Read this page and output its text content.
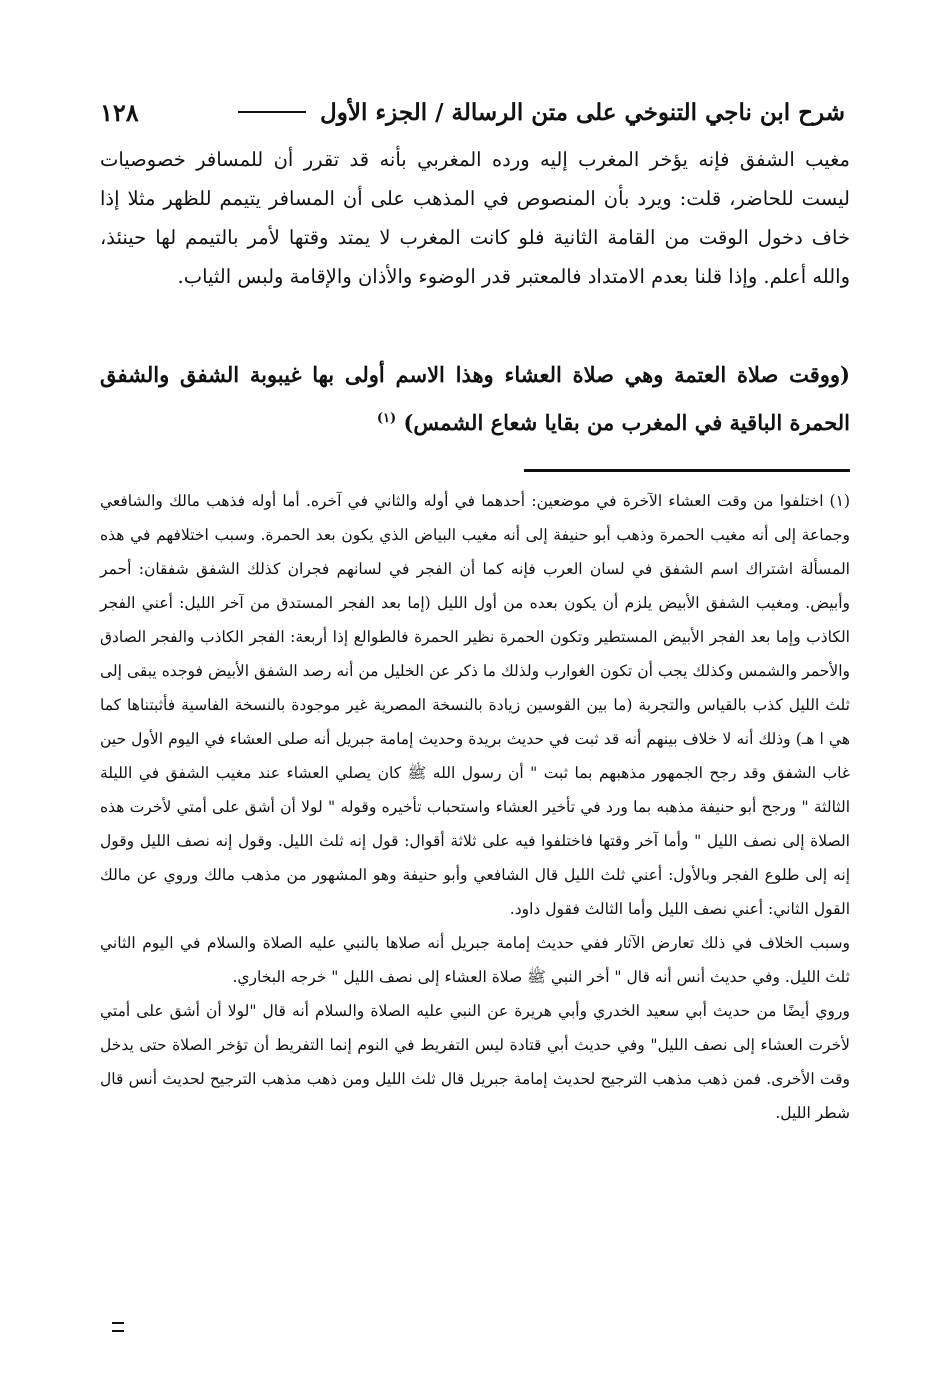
شرح ابن ناجي التنوخي على متن الرسالة / الجزء الأول
١٢٨

مغيب الشفق فإنه يؤخر المغرب إليه ورده المغربي بأنه قد تقرر أن للمسافر خصوصيات ليست للحاضر، قلت: ويرد بأن المنصوص في المذهب على أن المسافر يتيمم للظهر مثلا إذا خاف دخول الوقت من القامة الثانية فلو كانت المغرب لا يمتد وقتها لأمر بالتيمم لها حينئذ، والله أعلم. وإذا قلنا بعدم الامتداد فالمعتبر قدر الوضوء والأذان والإقامة ولبس الثياب.

(ووقت صلاة العتمة وهي صلاة العشاء وهذا الاسم أولى بها غيبوبة الشفق والشفق الحمرة الباقية في المغرب من بقايا شعاع الشمس) $^{(١)}$

(١)اختلفوا من وقت العشاء الآخرة في موضعين: أحدهما في أوله والثاني في آخره. أما أوله فذهب مالك والشافعي وجماعة إلى أنه مغيب الحمرة وذهب أبو حنيفة إلى أنه مغيب البياض الذي يكون بعد الحمرة. وسبب اختلافهم في هذه المسألة اشتراك اسم الشفق في لسان العرب فإنه كما أن الفجر في لسانهم فجران كذلك الشفق شفقان: أحمر وأبيض. ومغيب الشفق الأبيض يلزم أن يكون بعده من أول الليل (إما بعد الفجر المستدق من آخر الليل: أعني الفجر الكاذب وإما بعد الفجر الأبيض المستطير وتكون الحمرة نظير الحمرة فالطوالع إذا أربعة: الفجر الكاذب والفجر الصادق والأحمر والشمس وكذلك يجب أن تكون الغوارب ولذلك ما ذكر عن الخليل من أنه رصد الشفق الأبيض فوجده يبقى إلى ثلث الليل كذب بالقياس والتجربة (ما بين القوسين زيادة بالنسخة المصرية غير موجودة بالنسخة الفاسية فأثبتناها كما هي ا هـ) وذلك أنه لا خلاف بينهم أنه قد ثبت في حديث بريدة وحديث إمامة جبريل أنه صلى العشاء في اليوم الأول حين غاب الشفق وقد رجح الجمهور مذهبهم بما ثبت " أن رسول الله ﷺ كان يصلي العشاء عند مغيب الشفق في الليلة الثالثة " ورجح أبو حنيفة مذهبه بما ورد في تأخير العشاء واستحباب تأخيره وقوله " لولا أن أشق على أمتي لأخرت هذه الصلاة إلى نصف الليل " وأما آخر وقتها فاختلفوا فيه على ثلاثة أقوال: قول إنه ثلث الليل. وقول إنه نصف الليل وقول إنه إلى طلوع الفجر وبالأول: أعني ثلث الليل قال الشافعي وأبو حنيفة وهو المشهور من مذهب مالك وروي عن مالك القول الثاني: أعني نصف الليل وأما الثالث فقول داود.

وسبب الخلاف في ذلك تعارض الآثار ففي حديث إمامة جبريل أنه صلاها بالنبي عليه الصلاة والسلام في اليوم الثاني ثلث الليل. وفي حديث أنس أنه قال " أخر النبي ﷺ صلاة العشاء إلى نصف الليل " خرجه البخاري.

وروي أيضًا من حديث أبي سعيد الخدري وأبي هريرة عن النبي عليه الصلاة والسلام أنه قال "لولا أن أشق على أمتي لأخرت العشاء إلى نصف الليل" وفي حديث أبي قتادة ليس التفريط في النوم إنما التفريط أن تؤخر الصلاة حتى يدخل وقت الأخرى. فمن ذهب مذهب الترجيح لحديث إمامة جبريل قال ثلث الليل ومن ذهب مذهب الترجيح لحديث أنس قال شطر الليل.
